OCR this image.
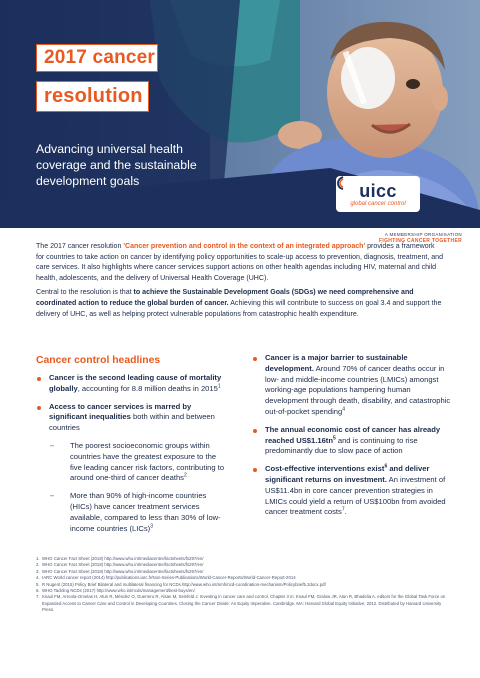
2017 cancer
resolution
Advancing universal health coverage and the sustainable development goals	uicc
global cancer control
A MEMBERSHIP ORGANISATION
FIGHTING CANCER TOGETHER

The 2017 cancer resolution 'Cancer prevention and control in the context of an integrated approach' provides a framework for countries to take action on cancer by identifying policy opportunities to scale-up access to prevention, diagnosis, treatment, and care services. It also highlights where cancer services support actions on other health agendas including HIV, maternal and child health, adolescents, and the delivery of Universal Health Coverage (UHC).

Central to the resolution is that to achieve the Sustainable Development Goals (SDGs) we need comprehensive and coordinated action to reduce the global burden of cancer. Achieving this will contribute to success on goal 3.4 and support the delivery of UHC, as well as helping protect vulnerable populations from catastrophic health expenditure.

Cancer control headlines
Cancer is the second leading cause of mortality globally, accounting for 8.8 million deaths in 2015$^1$
Access to cancer services is marred by significant inequalities both within and between countries
– The poorest socioeconomic groups within countries have the greatest exposure to the five leading cancer risk factors, contributing to around one-third of cancer deaths$^2$
– More than 90% of high-income countries (HICs) have cancer treatment services available, compared to less than 30% of low-income countries (LICs)$^3$
Cancer is a major barrier to sustainable development. Around 70% of cancer deaths occur in low- and middle-income countries (LMICs) amongst working-age populations hampering human development through death, disability, and catastrophic out-of-pocket spending$^4$
The annual economic cost of cancer has already reached $US\$1.16tn^5$ and is continuing to rise predominantly due to slow pace of action
Cost-effective interventions exist$^6$ and deliver significant returns on investment. An investment of US$11.4bn in core cancer prevention strategies in LMICs could yield a return of US$100bn from avoided cancer treatment costs$^7$.
1. WHO Cancer Fact Sheet (2018) http://www.who.int/mediacentre/factsheets/fs297/en/
2. WHO Cancer Fact Sheet (2018) http://www.who.int/mediacentre/factsheets/fs297/en/
3. WHO Cancer Fact Sheet (2018) http://www.who.int/mediacentre/factsheets/fs297/en/
4. IARC World cancer report (2014) http://publications.iarc.fr/Non-Series-Publications/World-Cancer-Reports/World-Cancer-Report-2014
5. R Nugent (2015) Policy Brief Bilateral and multilateral financing for NCDs http://www.who.int/nmh/ncd-coordination-mechanism/Policybrief5.2docx.pdf
6. WHO Tackling NCDs (2017) http://www.who.int/ncds/management/best-buys/en/
7. Knaul FM, Arreola-Ornelas H, Atun R, Méndez O, Guerrero R, Alsan M, Seinfeld J. Investing in cancer care and control. Chapter 3 in: Knaul FM, Gralow JR, Atun R, Bhadelia A. editors for the Global Task Force on Expanded Access to Cancer Care and Control in Developing Countries. Closing the Cancer Divide: An Equity Imperative. Cambridge, MA: Harvard Global Equity Initiative; 2012. Distributed by Harvard University Press.
